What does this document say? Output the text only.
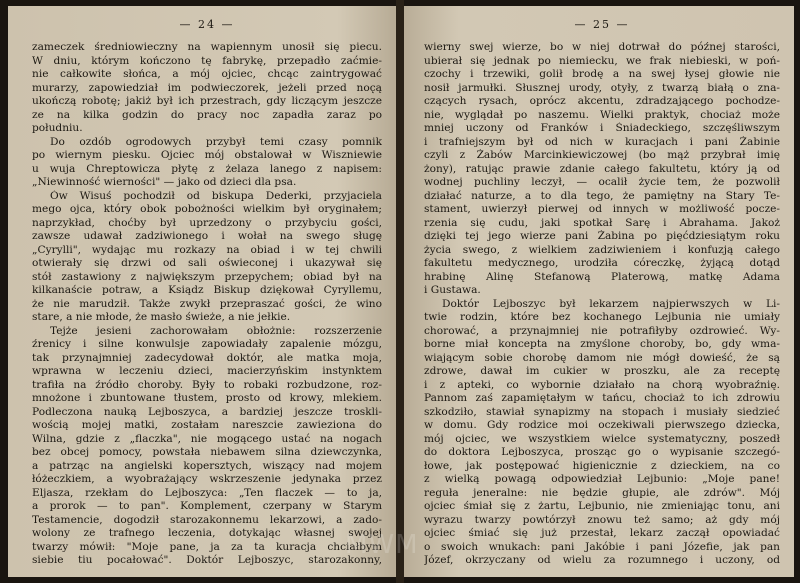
— 24 —
zameczek średniowieczny na wapiennym unosił się piecu.
W dniu, którym kończono tę fabrykę, przepadło zaćmie-
nie całkowite słońca, a mój ojciec, chcąc zaintrygować
murarzy, zapowiedział im podwieczorek, jeżeli przed noc̨ą
ukończą robotę; jakiż był ich przestrach, gdy liczącym jeszcze
ze na kilka godzin do pracy noc zapadła zaraz po
południu.
Do ozdób ogrodowych przybył temi czasy pomnik
po wiernym piesku. Ojciec mój obstalował w Wiszniewie
u wuja Chreptowicza płytę z żelaza lanego z napisem:
„Niewinność wierności" — jako od dzieci dla psa.
Ów Wisuś pochodził od biskupa Dederki, przyjaciela
mego ojca, który obok pobożności wielkim był oryginałem;
naprzykład, choćby był uprzedzony o przybyciu gości,
zawsze udawał zadziwionego i wołał na swego sługę
„Cyrylli", wydając mu rozkazy na obiad i w tej chwili
otwierały się drzwi od sali oświeconej i ukazywał się
stół zastawiony z największym przepychem; obiad był na
kilkanaście potraw, a Ksiądz Biskup dziękował Cyryllemu,
że nie marudził. Także zwykł przepraszać gości, że wino
stare, a nie młode, że masło świeże, a nie jełkie.
Tejże jesieni zachorowałam obłożnie: rozszerzenie
źrenicy i silne konwulsje zapowiadały zapalenie mózgu,
tak przynajmniej zadecydował doktór, ale matka moja,
wprawna w leczeniu dzieci, macierzyńskim instynktem
trafiła na źródło choroby. Były to robaki rozbudzone, roz-
mnożone i zbuntowane tłustem, prosto od krowy, mlekiem.
Podleczona nauką Lejboszycа, a bardziej jeszcze troskli-
wością mojej matki, zostałam nareszcie zawieziona do
Wilna, gdzie z „flaczka", nie mogącego ustać na nogach
bez obcej pomocy, powstała niebawem silna dziewczynka,
a patrząc na angielski kopersztych, wiszący nad mojem
łóżeczkiem, a wyobrażający wskrzeszenie jedynaka przez
Eljasza, rzekłam do Lejboszyca: „Ten flaczek — to ja,
a prorok — to pan". Komplement, czerpany w Starym
Testamencie, dogodził starozakonnemu lekarzowi, a zado-
wolony ze trafnego leczenia, dotykając własnej swojej
twarzy mówił: "Moje pane, ja za ta kuracja chciałbym
siebie tiu pocałować". Doktór Lejboszyc, starozakonny,
— 25 —
wierny swej wierze, bo w niej dotrwał do późnej starości,
ubierał się jednak po niemiecku, we frak niebieski, w poń-
czochy i trzewiki, golił brodę a na swej łysej głowie nie
nosił jarmułki. Słusznej urody, otyły, z twarzą białą o zna-
czących rysach, oprócz akcentu, zdradzającego pochodze-
nie, wyglądał po naszemu. Wielki praktyk, chociaż może
mniej uczony od Franków i Śniadeckiego, szczęśliwszym
i trafniejszym był od nich w kuracjach i pani Żabinie
czyli z Żabów Marcinkiewiczowej (bo mąż przybrał imię
żony), ratując prawie zdanie całego fakultetu, który ją od
wodnej puchliny leczył, — ocalił życie tem, że pozwolił
działać naturze, a to dla tego, że pamiętny na Stary Te-
stament, uwierzył pierwej od innych w możliwość pocze-
rzenia się cudu, jaki spotkał Sarę i Abrahama. Jakoż
dzięki tej jego wierze pani Żabina po pięćdziesiątym roku
życia swego, z wielkiem zadziwieniem i konfuzją całego
fakultetu medycznego, urodziła córeczkę, żyjącą dotąd
hrabinę Alinę Stefanową Platerową, matkę Adama
i Gustawa.
Doktór Lejboszyc był lekarzem najpierwszych w Li-
twie rodzin, które bez kochanego Lejbunia nie umiały
chorować, a przynajmniej nie potrafiłyby ozdrowieć. Wy-
borne miał koncepta na zmyślone choroby, bo, gdy wma-
wiającym sobie chorobę damom nie mógł dowieść, że są
zdrowe, dawał im cukier w proszku, ale za receptę
i z apteki, co wybornie działało na chorą wyobraźnię.
Pannom zaś zapamiętałym w tańcu, chociaż to ich zdrowiu
szkodziło, stawiał synapizmy na stopach i musiały siedzieć
w domu. Gdy rodzice moi oczekiwali pierwszego dziecka,
mój ojciec, we wszystkiem wielce systematyczny, poszedł
do doktora Lejboszyca, prosząc go o wypisanie szczegó-
łowe, jak postępować higienicznie z dzieckiem, na co
z wielką powagą odpowiedział Lejbunio: „Moje pane!
reguła jeneralne: nie będzie głupie, ale zdrów". Mój
ojciec śmiał się z żartu, Lejbunio, nie zmieniając tonu, ani
wyrazu twarzy powtórzył znowu też samo; aż gdy mój
ojciec śmiać się już przestał, lekarz zaczął opowiadać
o swoich wnukach: pani Jakóbie i pani Józefie, jak pan
Józef, okrzyczany od wielu za rozumnego i uczony, od
MWM
